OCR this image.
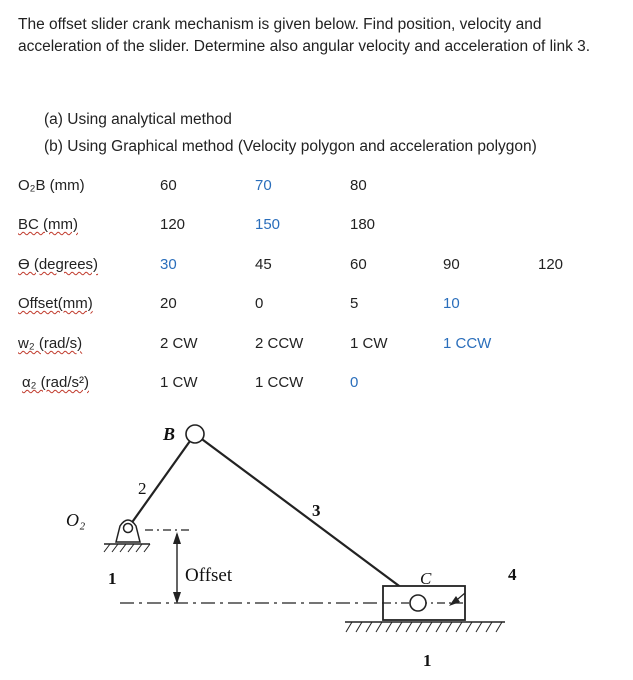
The offset slider crank mechanism is given below. Find position, velocity and acceleration of the slider. Determine also angular velocity and acceleration of link 3.
(a) Using analytical method
(b) Using Graphical method (Velocity polygon and acceleration polygon)
O₂B (mm)	60	70	80
BC (mm)	120	150	180
ϴ (degrees)	30	45	60	90	120
Offset(mm)	20	0	5	10
w₂ (rad/s)	2 CW	2 CCW	1 CW	1 CCW
α₂ (rad/s²)	1 CW	1 CCW	0
B
2
O₂
1	Offset
3
C	4
1
